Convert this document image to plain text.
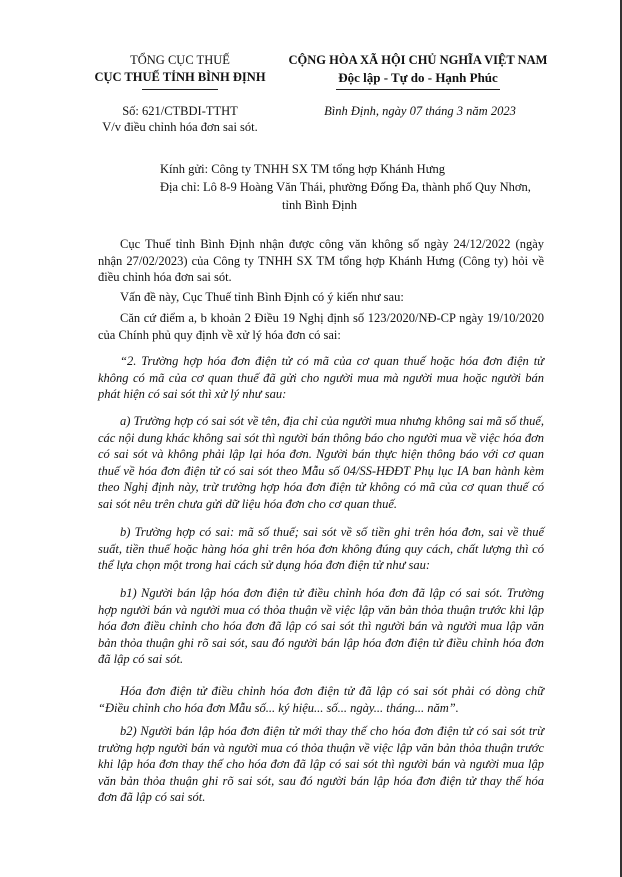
TỔNG CỤC THUẾ
CỤC THUẾ TỈNH BÌNH ĐỊNH
Số: 621/CTBDI-TTHT
V/v điều chỉnh hóa đơn sai sót.
CỘNG HÒA XÃ HỘI CHỦ NGHĨA VIỆT NAM
Độc lập - Tự do - Hạnh Phúc
Bình Định, ngày 07 tháng 3 năm 2023
Kính gửi: Công ty TNHH SX TM tổng hợp Khánh Hưng
Địa chỉ: Lô 8-9 Hoàng Văn Thái, phường Đống Đa, thành phố Quy Nhơn,
tỉnh Bình Định
Cục Thuế tỉnh Bình Định nhận được công văn không số ngày 24/12/2022 (ngày nhận 27/02/2023) của Công ty TNHH SX TM tổng hợp Khánh Hưng (Công ty) hỏi về điều chỉnh hóa đơn sai sót.
Vấn đề này, Cục Thuế tỉnh Bình Định có ý kiến như sau:
Căn cứ điểm a, b khoản 2 Điều 19 Nghị định số 123/2020/NĐ-CP ngày 19/10/2020 của Chính phủ quy định về xử lý hóa đơn có sai:
“2. Trường hợp hóa đơn điện tử có mã của cơ quan thuế hoặc hóa đơn điện tử không có mã của cơ quan thuế đã gửi cho người mua mà người mua hoặc người bán phát hiện có sai sót thì xử lý như sau:
a) Trường hợp có sai sót về tên, địa chỉ của người mua nhưng không sai mã số thuế, các nội dung khác không sai sót thì người bán thông báo cho người mua về việc hóa đơn có sai sót và không phải lập lại hóa đơn. Người bán thực hiện thông báo với cơ quan thuế về hóa đơn điện tử có sai sót theo Mẫu số 04/SS-HĐĐT Phụ lục IA ban hành kèm theo Nghị định này, trừ trường hợp hóa đơn điện tử không có mã của cơ quan thuế có sai sót nêu trên chưa gửi dữ liệu hóa đơn cho cơ quan thuế.
b) Trường hợp có sai: mã số thuế; sai sót về số tiền ghi trên hóa đơn, sai về thuế suất, tiền thuế hoặc hàng hóa ghi trên hóa đơn không đúng quy cách, chất lượng thì có thể lựa chọn một trong hai cách sử dụng hóa đơn điện tử như sau:
b1) Người bán lập hóa đơn điện tử điều chỉnh hóa đơn đã lập có sai sót. Trường hợp người bán và người mua có thỏa thuận về việc lập văn bản thỏa thuận trước khi lập hóa đơn điều chỉnh cho hóa đơn đã lập có sai sót thì người bán và người mua lập văn bản thỏa thuận ghi rõ sai sót, sau đó người bán lập hóa đơn điện tử điều chỉnh hóa đơn đã lập có sai sót.
Hóa đơn điện tử điều chỉnh hóa đơn điện tử đã lập có sai sót phải có dòng chữ “Điều chỉnh cho hóa đơn Mẫu số... ký hiệu... số... ngày... tháng... năm”.
b2) Người bán lập hóa đơn điện tử mới thay thế cho hóa đơn điện tử có sai sót trừ trường hợp người bán và người mua có thỏa thuận về việc lập văn bản thỏa thuận trước khi lập hóa đơn thay thế cho hóa đơn đã lập có sai sót thì người bán và người mua lập văn bản thỏa thuận ghi rõ sai sót, sau đó người bán lập hóa đơn điện tử thay thế hóa đơn đã lập có sai sót.
